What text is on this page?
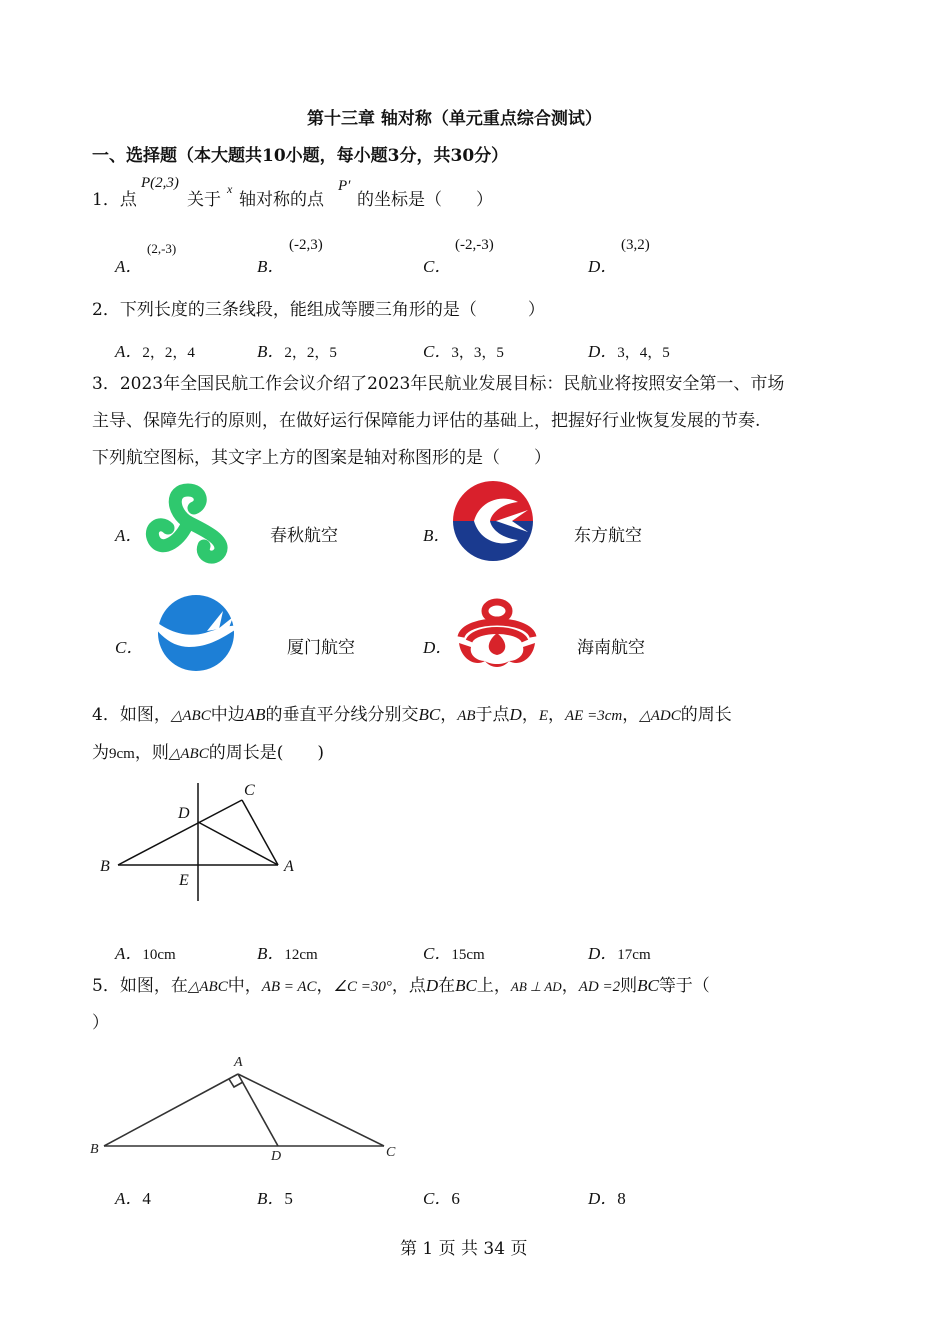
第十三章 轴对称（单元重点综合测试）
一、选择题（本大题共10小题，每小题3分，共30分）
1．点
P(2,3)
关于
x
轴对称的点
P′
的坐标是（　　）
A．
(2,-3)
B．
(-2,3)
C．
(-2,-3)
D．
(3,2)
2．下列长度的三条线段，能组成等腰三角形的是（　　　）
A．2，2，4	B．2，2，5	C．3，3，5	D．3，4，5
3．2023年全国民航工作会议介绍了2023年民航业发展目标：民航业将按照安全第一、市场
主导、保障先行的原则，在做好运行保障能力评估的基础上，把握好行业恢复发展的节奏.
下列航空图标，其文字上方的图案是轴对称图形的是（　　）
A．	春秋航空	B．	东方航空
C．	厦门航空	D．	海南航空
4．如图，△ABC中边AB的垂直平分线分别交BC，AB于点D，E，AE =3cm，△ADC的周长
为9cm，则△ABC的周长是(　　)
B	A
C
D
E
A．10cm	B．12cm	C．15cm	D．17cm
5．如图，在△ABC中，AB = AC，∠C =30°，点D在BC上，AB ⊥ AD，AD =2则BC等于（
）
B
A
C
D
A．4	B．5	C．6	D．8
第 1 页 共 34 页
